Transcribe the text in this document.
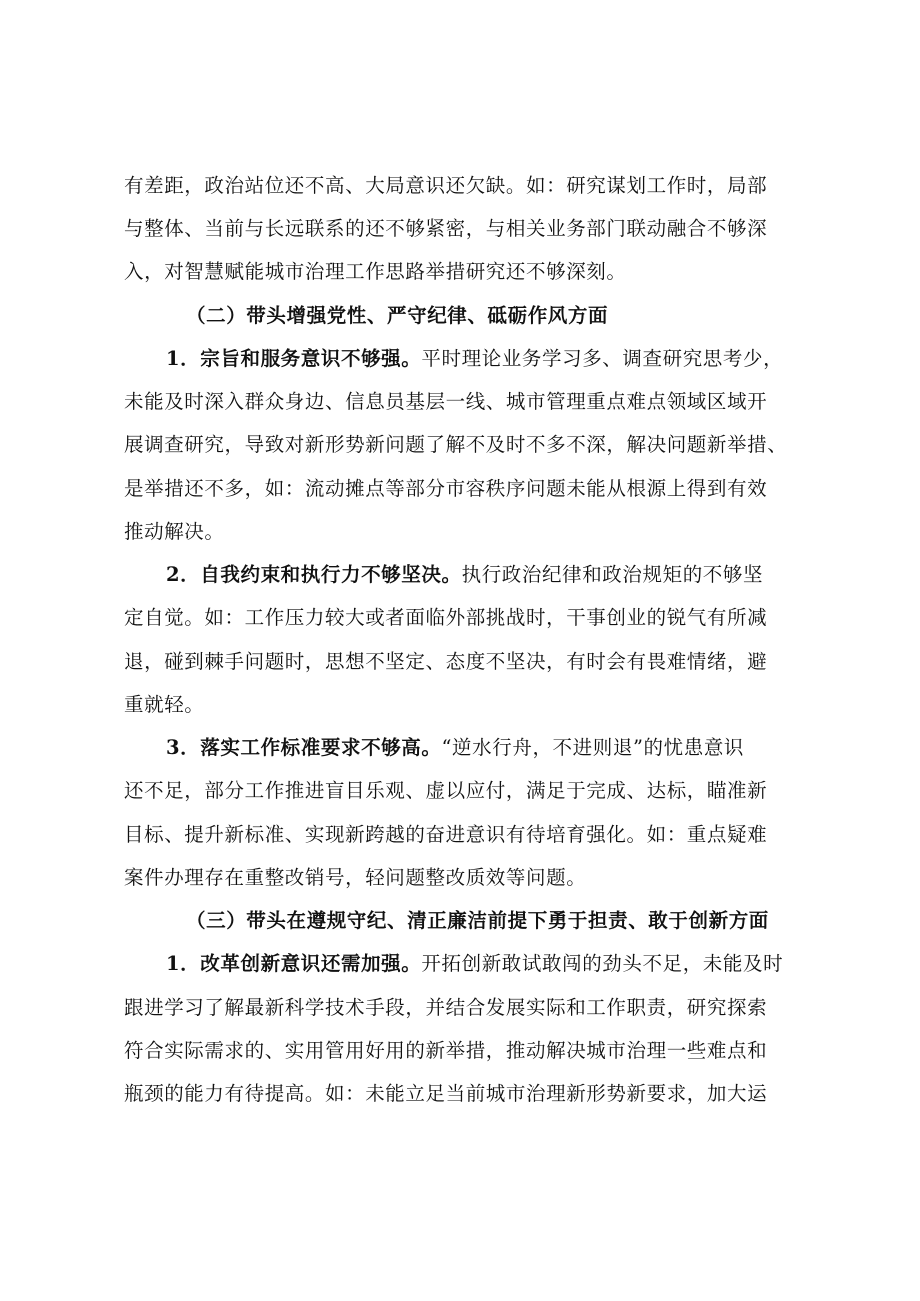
有差距，政治站位还不高、大局意识还欠缺。如：研究谋划工作时，局部
与整体、当前与长远联系的还不够紧密，与相关业务部门联动融合不够深
入，对智慧赋能城市治理工作思路举措研究还不够深刻。
（二）带头增强党性、严守纪律、砥砺作风方面
1．宗旨和服务意识不够强。平时理论业务学习多、调查研究思考少，
未能及时深入群众身边、信息员基层一线、城市管理重点难点领域区域开
展调查研究，导致对新形势新问题了解不及时不多不深，解决问题新举措、
是举措还不多，如：流动摊点等部分市容秩序问题未能从根源上得到有效
推动解决。
2．自我约束和执行力不够坚决。执行政治纪律和政治规矩的不够坚
定自觉。如：工作压力较大或者面临外部挑战时，干事创业的锐气有所减
退，碰到棘手问题时，思想不坚定、态度不坚决，有时会有畏难情绪，避
重就轻。
3．落实工作标准要求不够高。“逆水行舟，不进则退”的忧患意识
还不足，部分工作推进盲目乐观、虚以应付，满足于完成、达标，瞄准新
目标、提升新标准、实现新跨越的奋进意识有待培育强化。如：重点疑难
案件办理存在重整改销号，轻问题整改质效等问题。
（三）带头在遵规守纪、清正廉洁前提下勇于担责、敢于创新方面
1．改革创新意识还需加强。开拓创新敢试敢闯的劲头不足，未能及时
跟进学习了解最新科学技术手段，并结合发展实际和工作职责，研究探索
符合实际需求的、实用管用好用的新举措，推动解决城市治理一些难点和
瓶颈的能力有待提高。如：未能立足当前城市治理新形势新要求，加大运
